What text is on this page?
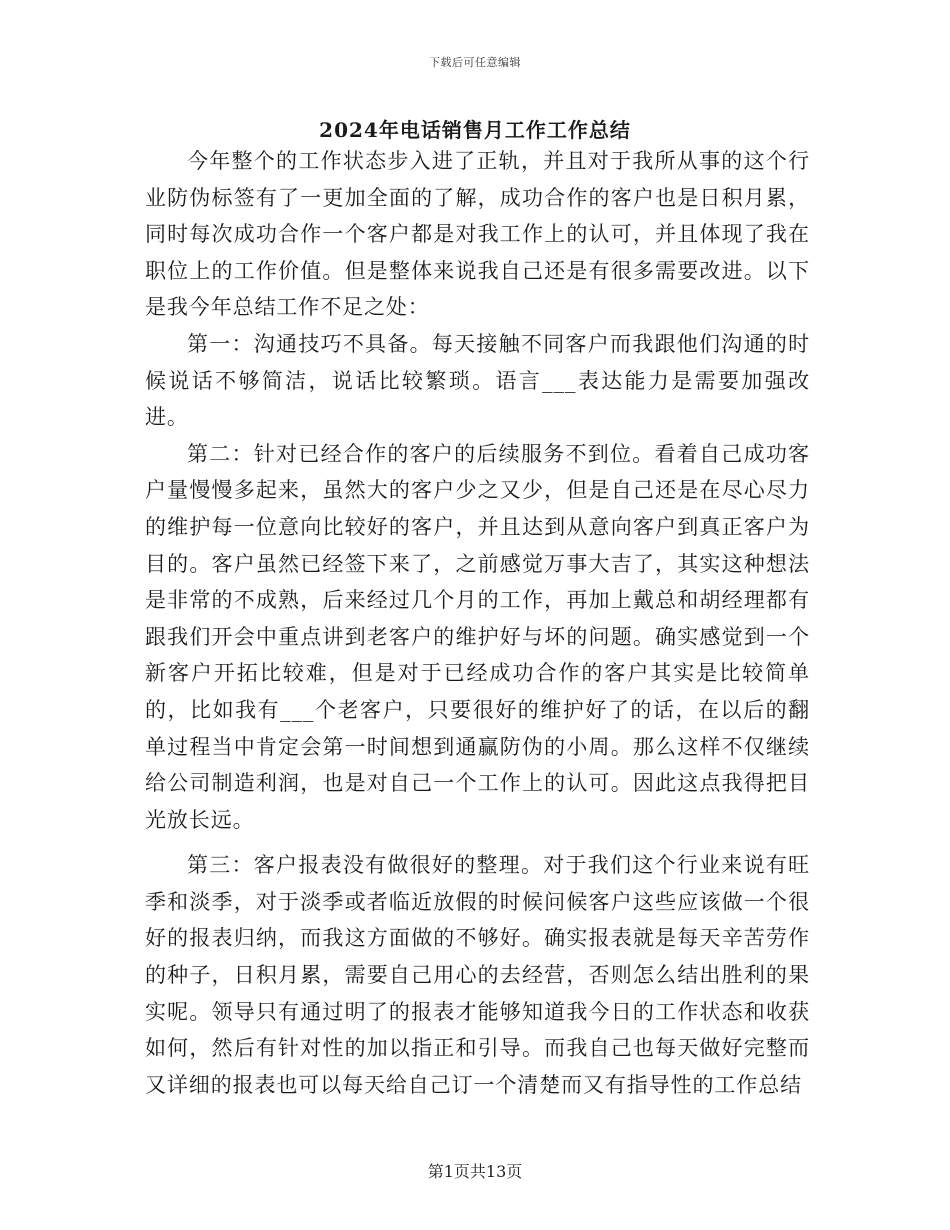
下载后可任意编辑
2024年电话销售月工作工作总结

今年整个的工作状态步入进了正轨，并且对于我所从事的这个行业防伪标签有了一更加全面的了解，成功合作的客户也是日积月累，同时每次成功合作一个客户都是对我工作上的认可，并且体现了我在职位上的工作价值。但是整体来说我自己还是有很多需要改进。以下是我今年总结工作不足之处：

第一：沟通技巧不具备。每天接触不同客户而我跟他们沟通的时候说话不够简洁，说话比较繁琐。语言___表达能力是需要加强改进。

第二：针对已经合作的客户的后续服务不到位。看着自己成功客户量慢慢多起来，虽然大的客户少之又少，但是自己还是在尽心尽力的维护每一位意向比较好的客户，并且达到从意向客户到真正客户为目的。客户虽然已经签下来了，之前感觉万事大吉了，其实这种想法是非常的不成熟，后来经过几个月的工作，再加上戴总和胡经理都有跟我们开会中重点讲到老客户的维护好与坏的问题。确实感觉到一个新客户开拓比较难，但是对于已经成功合作的客户其实是比较简单的，比如我有___个老客户，只要很好的维护好了的话，在以后的翻单过程当中肯定会第一时间想到通赢防伪的小周。那么这样不仅继续给公司制造利润，也是对自己一个工作上的认可。因此这点我得把目光放长远。

第三：客户报表没有做很好的整理。对于我们这个行业来说有旺季和淡季，对于淡季或者临近放假的时候问候客户这些应该做一个很好的报表归纳，而我这方面做的不够好。确实报表就是每天辛苦劳作的种子，日积月累，需要自己用心的去经营，否则怎么结出胜利的果实呢。领导只有通过明了的报表才能够知道我今日的工作状态和收获如何，然后有针对性的加以指正和引导。而我自己也每天做好完整而又详细的报表也可以每天给自己订一个清楚而又有指导性的工作总结

第1页共13页
